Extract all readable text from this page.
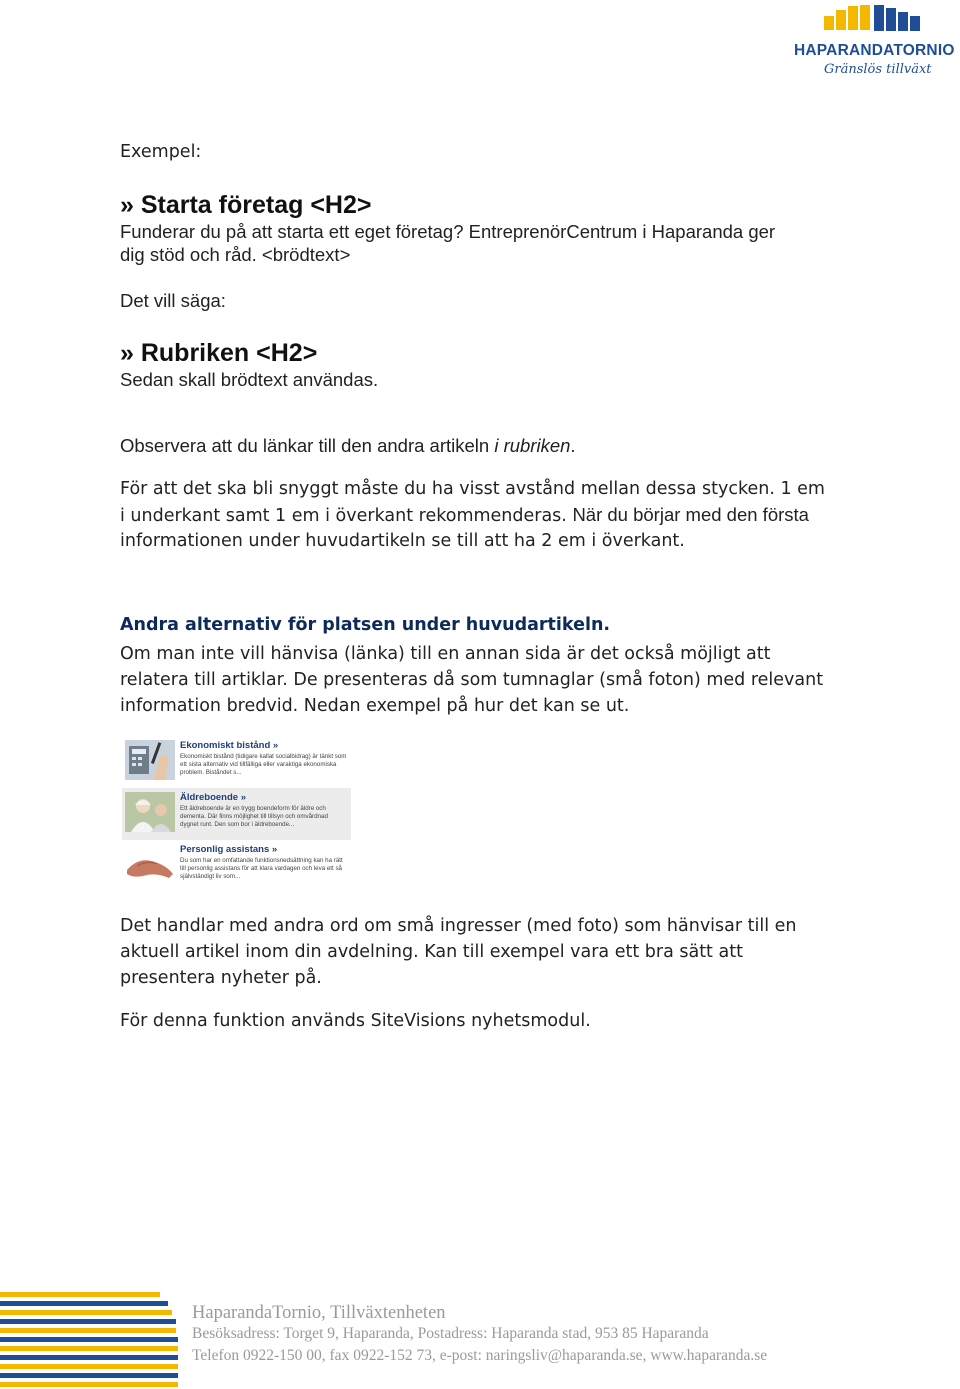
HAPARANDATORNIO
Gränslös tillväxt
Exempel:
» Starta företag <H2>
Funderar du på att starta ett eget företag? EntreprenörCentrum i Haparanda ger
dig stöd och råd. <brödtext>
Det vill säga:
» Rubriken <H2>
Sedan skall brödtext användas.
Observera att du länkar till den andra artikeln i rubriken.
För att det ska bli snyggt måste du ha visst avstånd mellan dessa stycken. 1 em
i underkant samt 1 em i överkant rekommenderas. När du börjar med den första
informationen under huvudartikeln se till att ha 2 em i överkant.
Andra alternativ för platsen under huvudartikeln.
Om man inte vill hänvisa (länka) till en annan sida är det också möjligt att
relatera till artiklar. De presenteras då som tumnaglar (små foton) med relevant
information bredvid. Nedan exempel på hur det kan se ut.
Ekonomiskt bistånd »
Ekonomiskt bistånd (tidigare kallat socialbidrag) är tänkt som ett sista alternativ vid tillfälliga eller varaktiga ekonomiska problem. Biståndet s...
Äldreboende »
Ett äldreboende är en trygg boendeform för äldre och dementa. Där finns möjlighet till tillsyn och omvårdnad dygnet runt. Den som bor i äldreboende...
Personlig assistans »
Du som har en omfattande funktionsnedsättning kan ha rätt till personlig assistans för att klara vardagen och leva ett så självständigt liv som...
Det handlar med andra ord om små ingresser (med foto) som hänvisar till en
aktuell artikel inom din avdelning. Kan till exempel vara ett bra sätt att
presentera nyheter på.
För denna funktion används SiteVisions nyhetsmodul.
HaparandaTornio, Tillväxtenheten
Besöksadress: Torget 9, Haparanda, Postadress: Haparanda stad, 953 85 Haparanda
Telefon 0922-150 00, fax 0922-152 73, e-post: naringsliv@haparanda.se, www.haparanda.se
